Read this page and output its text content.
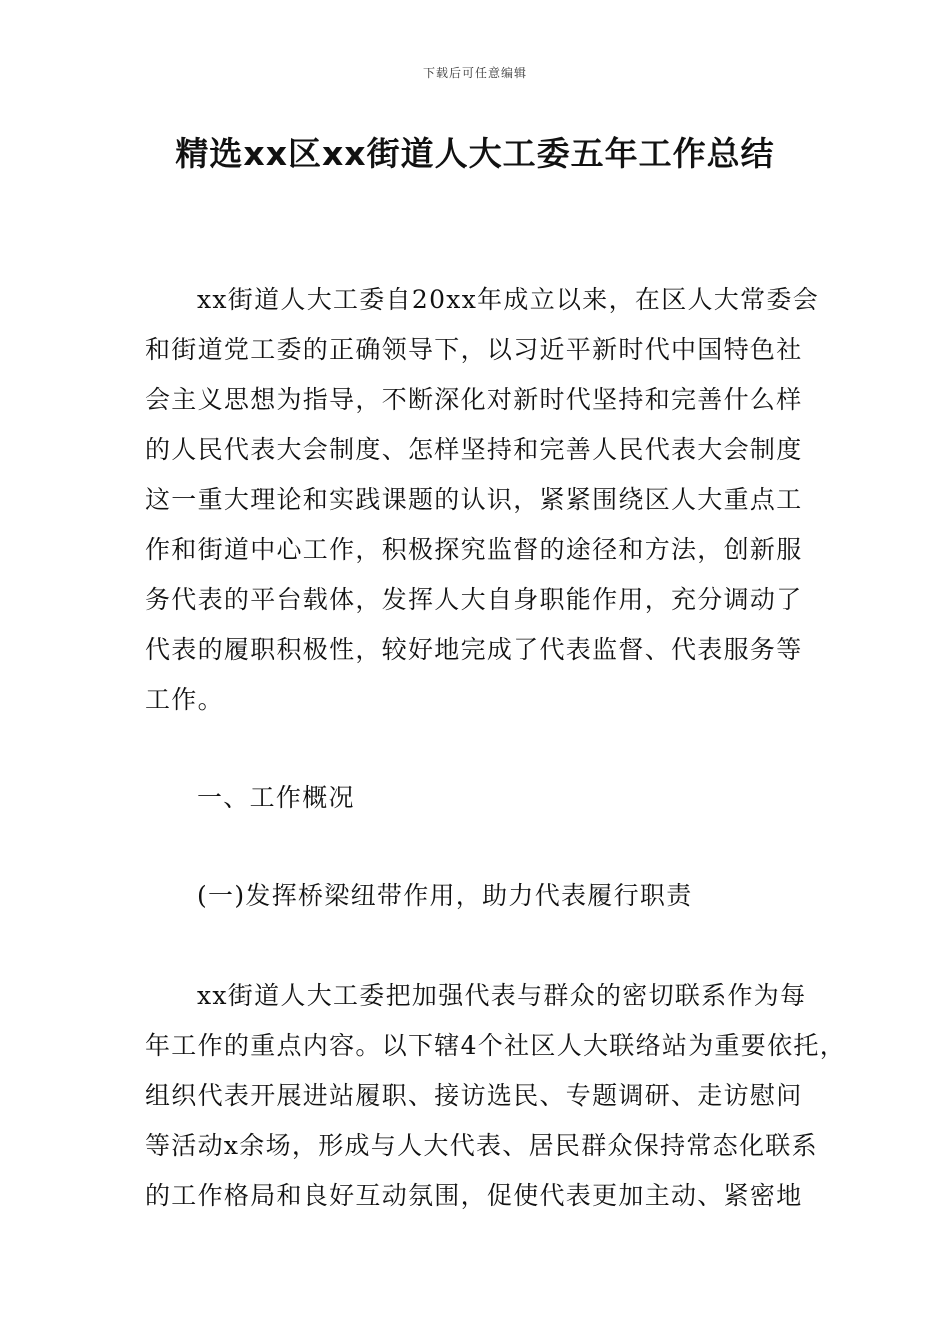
下载后可任意编辑
精选xx区xx街道人大工委五年工作总结
xx街道人大工委自20xx年成立以来，在区人大常委会
和街道党工委的正确领导下，以习近平新时代中国特色社
会主义思想为指导，不断深化对新时代坚持和完善什么样
的人民代表大会制度、怎样坚持和完善人民代表大会制度
这一重大理论和实践课题的认识，紧紧围绕区人大重点工
作和街道中心工作，积极探究监督的途径和方法，创新服
务代表的平台载体，发挥人大自身职能作用，充分调动了
代表的履职积极性，较好地完成了代表监督、代表服务等
工作。
一、工作概况
(一)发挥桥梁纽带作用，助力代表履行职责
xx街道人大工委把加强代表与群众的密切联系作为每
年工作的重点内容。以下辖4个社区人大联络站为重要依托，
组织代表开展进站履职、接访选民、专题调研、走访慰问
等活动x余场，形成与人大代表、居民群众保持常态化联系
的工作格局和良好互动氛围，促使代表更加主动、紧密地
